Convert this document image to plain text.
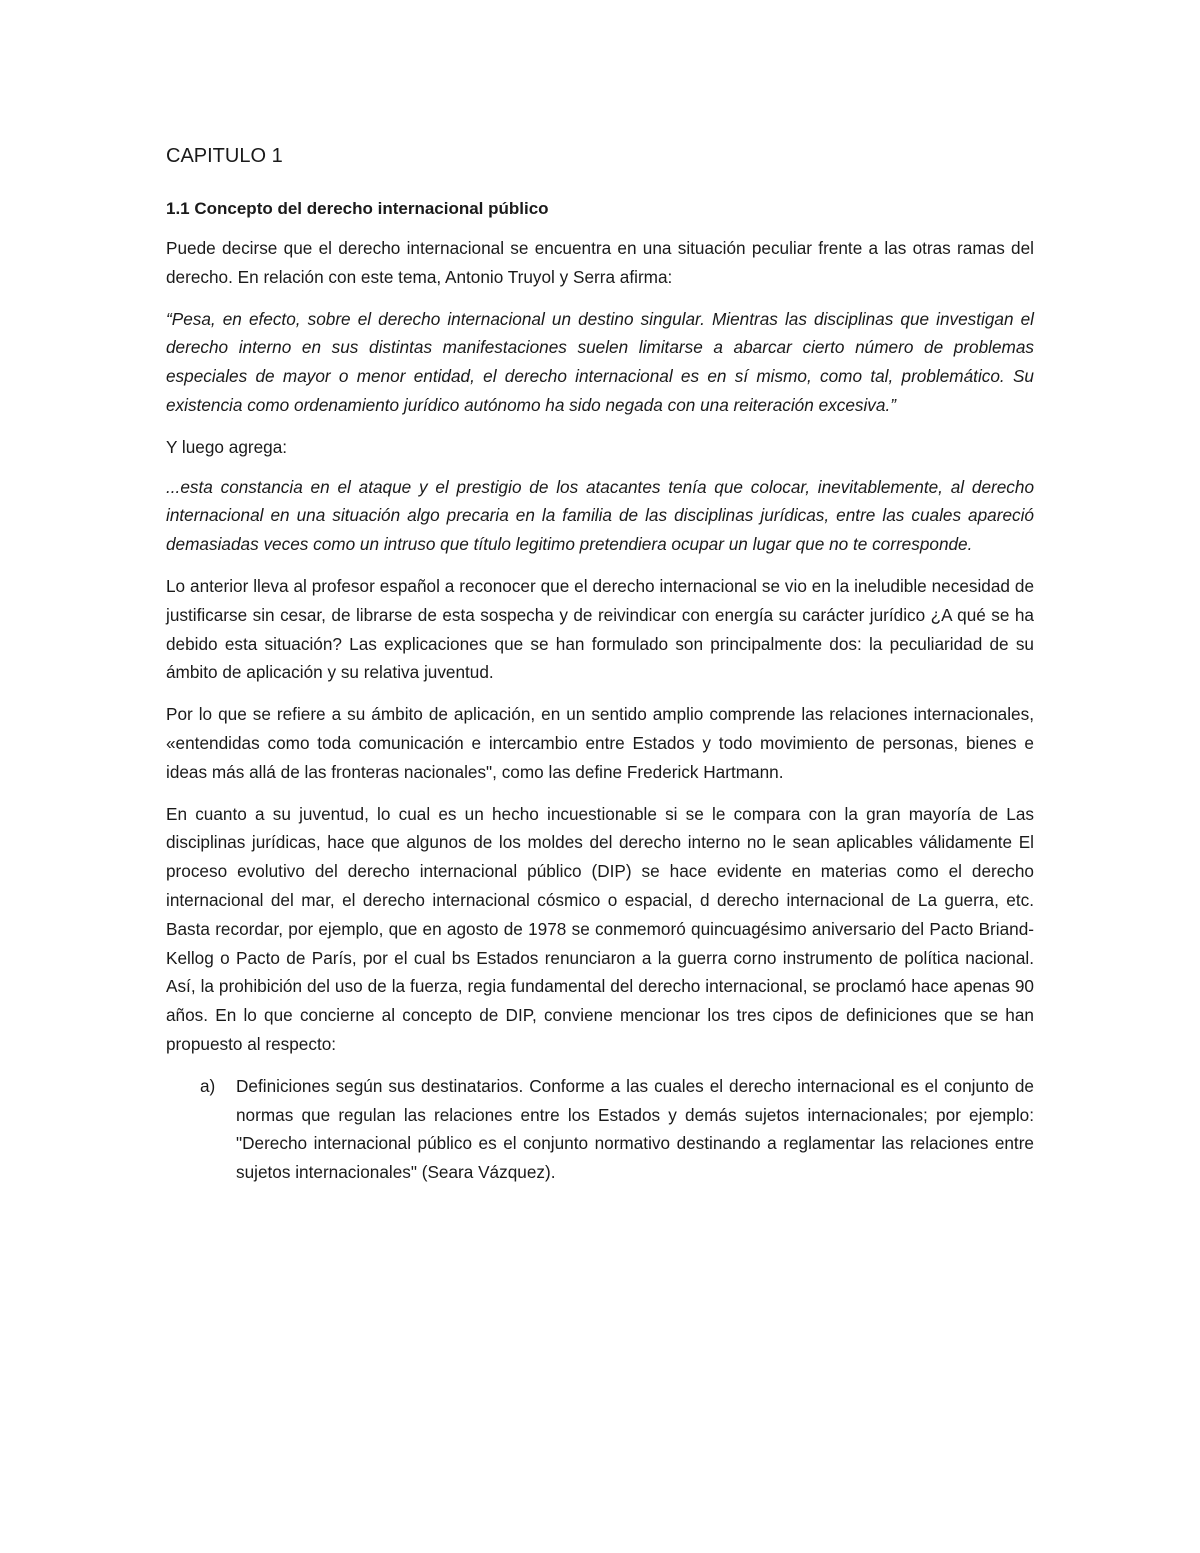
CAPITULO 1
1.1 Concepto del derecho internacional público

Puede decirse que el derecho internacional se encuentra en una situación peculiar frente a las otras ramas del derecho. En relación con este tema, Antonio Truyol y Serra afirma:

“Pesa, en efecto, sobre el derecho internacional un destino singular. Mientras las disciplinas que investigan el derecho interno en sus distintas manifestaciones suelen limitarse a abarcar cierto número de problemas especiales de mayor o menor entidad, el derecho internacional es en sí mismo, como tal, problemático. Su existencia como ordenamiento jurídico autónomo ha sido negada con una reiteración excesiva.”

Y luego agrega:

...esta constancia en el ataque y el prestigio de los atacantes tenía que colocar, inevitablemente, al derecho internacional en una situación algo precaria en la familia de las disciplinas jurídicas, entre las cuales apareció demasiadas veces como un intruso que título legitimo pretendiera ocupar un lugar que no te corresponde.

Lo anterior lleva al profesor español a reconocer que el derecho internacional se vio en la ineludible necesidad de justificarse sin cesar, de librarse de esta sospecha y de reivindicar con energía su carácter jurídico ¿A qué se ha debido esta situación? Las explicaciones que se han formulado son principalmente dos: la peculiaridad de su ámbito de aplicación y su relativa juventud.

Por lo que se refiere a su ámbito de aplicación, en un sentido amplio comprende las relaciones internacionales, «entendidas como toda comunicación e intercambio entre Estados y todo movimiento de personas, bienes e ideas más allá de las fronteras nacionales", como las define Frederick Hartmann.

En cuanto a su juventud, lo cual es un hecho incuestionable si se le compara con la gran mayoría de Las disciplinas jurídicas, hace que algunos de los moldes del derecho interno no le sean aplicables válidamente El proceso evolutivo del derecho internacional público (DIP) se hace evidente en materias como el derecho internacional del mar, el derecho internacional cósmico o espacial, d derecho internacional de La guerra, etc. Basta recordar, por ejemplo, que en agosto de 1978 se conmemoró quincuagésimo aniversario del Pacto Briand-Kellog o Pacto de París, por el cual bs Estados renunciaron a la guerra corno instrumento de política nacional. Así, la prohibición del uso de la fuerza, regia fundamental del derecho internacional, se proclamó hace apenas 90 años. En lo que concierne al concepto de DIP, conviene mencionar los tres cipos de definiciones que se han propuesto al respecto:

a) Definiciones según sus destinatarios. Conforme a las cuales el derecho internacional es el conjunto de normas que regulan las relaciones entre los Estados y demás sujetos internacionales; por ejemplo: "Derecho internacional público es el conjunto normativo destinando a reglamentar las relaciones entre sujetos internacionales" (Seara Vázquez).
